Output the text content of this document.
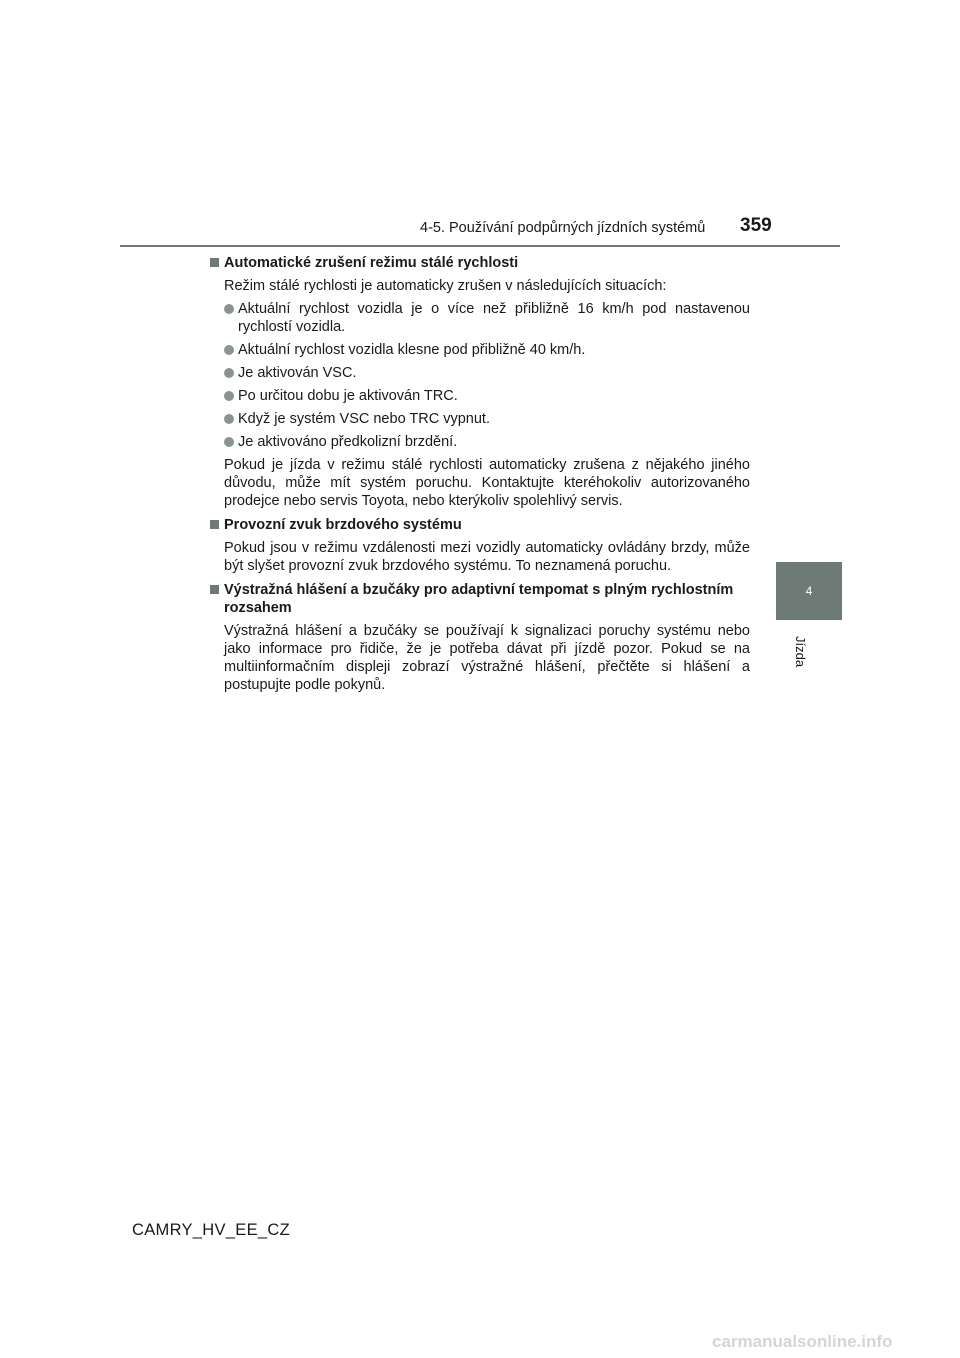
4-5. Používání podpůrných jízdních systémů 359
4
Jízda
Automatické zrušení režimu stálé rychlosti
Režim stálé rychlosti je automaticky zrušen v následujících situacích:
Aktuální rychlost vozidla je o více než přibližně 16 km/h pod nastavenou rychlostí vozidla.
Aktuální rychlost vozidla klesne pod přibližně 40 km/h.
Je aktivován VSC.
Po určitou dobu je aktivován TRC.
Když je systém VSC nebo TRC vypnut.
Je aktivováno předkolizní brzdění.
Pokud je jízda v režimu stálé rychlosti automaticky zrušena z nějakého jiného důvodu, může mít systém poruchu. Kontaktujte kteréhokoliv autorizovaného prodejce nebo servis Toyota, nebo kterýkoliv spolehlivý servis.
Provozní zvuk brzdového systému
Pokud jsou v režimu vzdálenosti mezi vozidly automaticky ovládány brzdy, může být slyšet provozní zvuk brzdového systému. To neznamená poruchu.
Výstražná hlášení a bzučáky pro adaptivní tempomat s plným rychlostním rozsahem
Výstražná hlášení a bzučáky se používají k signalizaci poruchy systému nebo jako informace pro řidiče, že je potřeba dávat při jízdě pozor. Pokud se na multiinformačním displeji zobrazí výstražné hlášení, přečtěte si hlášení a postupujte podle pokynů.
CAMRY_HV_EE_CZ
carmanualsonline.info
